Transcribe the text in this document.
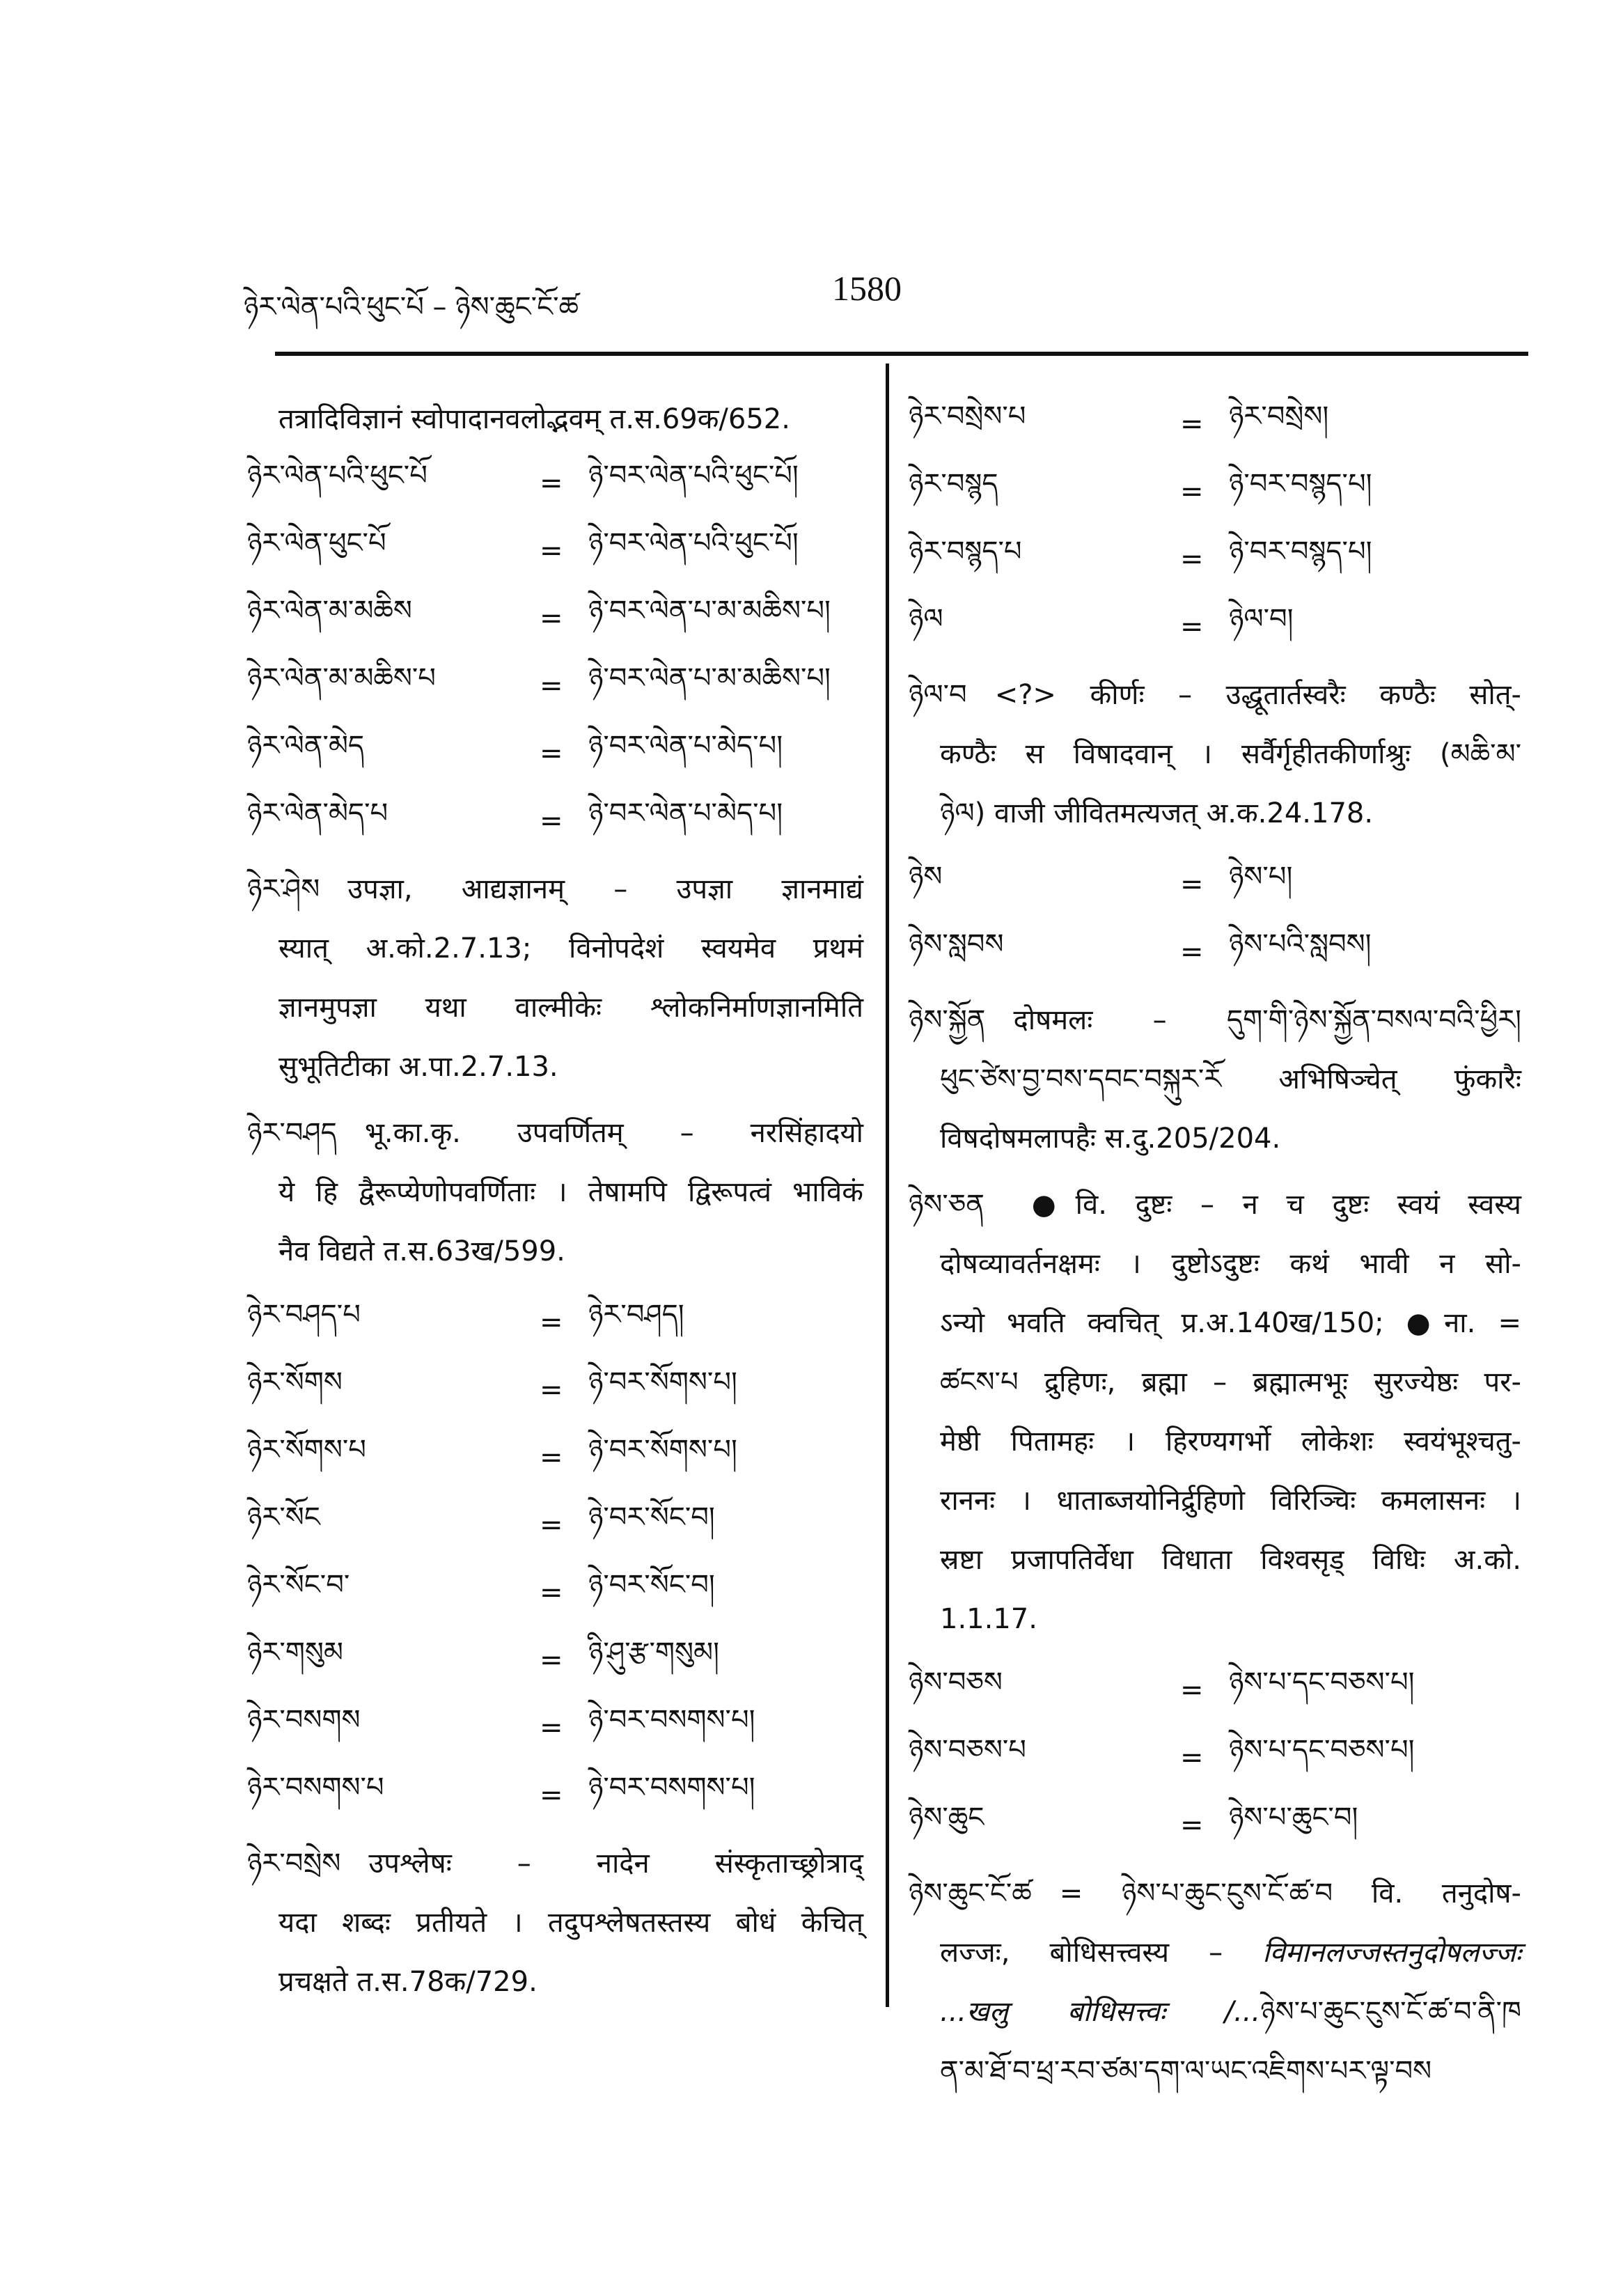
ཉེར་ལེན་པའི་ཕུང་པོ – ཉེས་ཆུང་ངོ་ཚ	1580
तत्रादिविज्ञानं स्वोपादानवलोद्भवम् त.स.69क/652.
ཉེར་ལེན་པའི་ཕུང་པོ	= ཉེ་བར་ལེན་པའི་ཕུང་པོ།
ཉེར་ལེན་ཕུང་པོ	= ཉེ་བར་ལེན་པའི་ཕུང་པོ།
ཉེར་ལེན་མ་མཆིས	= ཉེ་བར་ལེན་པ་མ་མཆིས་པ།
ཉེར་ལེན་མ་མཆིས་པ	= ཉེ་བར་ལེན་པ་མ་མཆིས་པ།
ཉེར་ལེན་མེད	= ཉེ་བར་ལེན་པ་མེད་པ།
ཉེར་ལེན་མེད་པ	= ཉེ་བར་ལེན་པ་མེད་པ།
ཉེར་ཤེས उपज्ञा, आद्यज्ञानम् – उपज्ञा ज्ञानमाद्यं
स्यात् अ.को.2.7.13; विनोपदेशं स्वयमेव प्रथमं
ज्ञानमुपज्ञा यथा वाल्मीकेः श्लोकनिर्माणज्ञानमिति
सुभूतिटीका अ.पा.2.7.13.
ཉེར་བཤད भू.का.कृ. उपवर्णितम् – नरसिंहादयो
ये हि द्वैरूप्येणोपवर्णिताः । तेषामपि द्विरूपत्वं भाविकं
नैव विद्यते त.स.63ख/599.
ཉེར་བཤད་པ	= ཉེར་བཤད།
ཉེར་སོགས	= ཉེ་བར་སོགས་པ།
ཉེར་སོགས་པ	= ཉེ་བར་སོགས་པ།
ཉེར་སོང	= ཉེ་བར་སོང་བ།
ཉེར་སོང་བ་	= ཉེ་བར་སོང་བ།
ཉེར་གསུམ	= ཉི་ཤུ་རྩ་གསུམ།
ཉེར་བསགས	= ཉེ་བར་བསགས་པ།
ཉེར་བསགས་པ	= ཉེ་བར་བསགས་པ།
ཉེར་བསྲེས उपश्लेषः – नादेन संस्कृताच्छ्रोत्राद्
यदा शब्दः प्रतीयते । तदुपश्लेषतस्तस्य बोधं केचित्
प्रचक्षते त.स.78क/729.
ཉེར་བསྲེས་པ	= ཉེར་བསྲེས།
ཉེར་བསྙད	= ཉེ་བར་བསྙད་པ།
ཉེར་བསྙད་པ	= ཉེ་བར་བསྙད་པ།
ཉེལ	= ཉེལ་བ།
ཉེལ་བ <?> कीर्णः – उद्धूतार्तस्वरैः कण्ठैः सोत्-
कण्ठैः स विषादवान् । सर्वैर्गृहीतकीर्णाश्रुः (མཆི་མ་
ཉེལ) वाजी जीवितमत्यजत् अ.क.24.178.
ཉེས	= ཉེས་པ།
ཉེས་སླབས	= ཉེས་པའི་སླབས།
ཉེས་སྐྱོན दोषमलः – དུག་གི་ཉེས་སྐྱོན་བསལ་བའི་ཕྱིར།
ཕུང་ཙེས་བྱ་བས་དབང་བསྐུར་རོ अभिषिञ्चेत् फुंकारैः
विषदोषमलापहैः स.दु.205/204.
ཉེས་ཅན ●वि. दुष्टः – न च दुष्टः स्वयं स्वस्य
दोषव्यावर्तनक्षमः । दुष्टोऽदुष्टः कथं भावी न सो-
ऽन्यो भवति क्वचित् प्र.अ.140ख/150; ●ना. =
ཚངས་པ द्रुहिणः, ब्रह्मा – ब्रह्मात्मभूः सुरज्येष्ठः पर-
मेष्ठी पितामहः । हिरण्यगर्भो लोकेशः स्वयंभूश्चतु-
राननः । धाताब्जयोनिर्द्रुहिणो विरिञ्चिः कमलासनः ।
स्रष्टा प्रजापतिर्वेधा विधाता विश्वसृड् विधिः अ.को.
1.1.17.
ཉེས་བཅས	= ཉེས་པ་དང་བཅས་པ།
ཉེས་བཅས་པ	= ཉེས་པ་དང་བཅས་པ།
ཉེས་ཆུང	= ཉེས་པ་ཆུང་བ།
ཉེས་ཆུང་ངོ་ཚ = ཉེས་པ་ཆུང་ངུས་ངོ་ཚ་བ वि. तनुदोष-
लज्जः, बोधिसत्त्वस्य – विमानलज्जस्तनुदोषलज्जः
...खलु बोधिसत्त्वः /...ཉེས་པ་ཆུང་ངུས་ངོ་ཚ་བ་ནི་ཁ
ན་མ་ཐོ་བ་ཕྲ་རབ་ཙམ་དག་ལ་ཡང་འཇིགས་པར་ལྟ་བས
